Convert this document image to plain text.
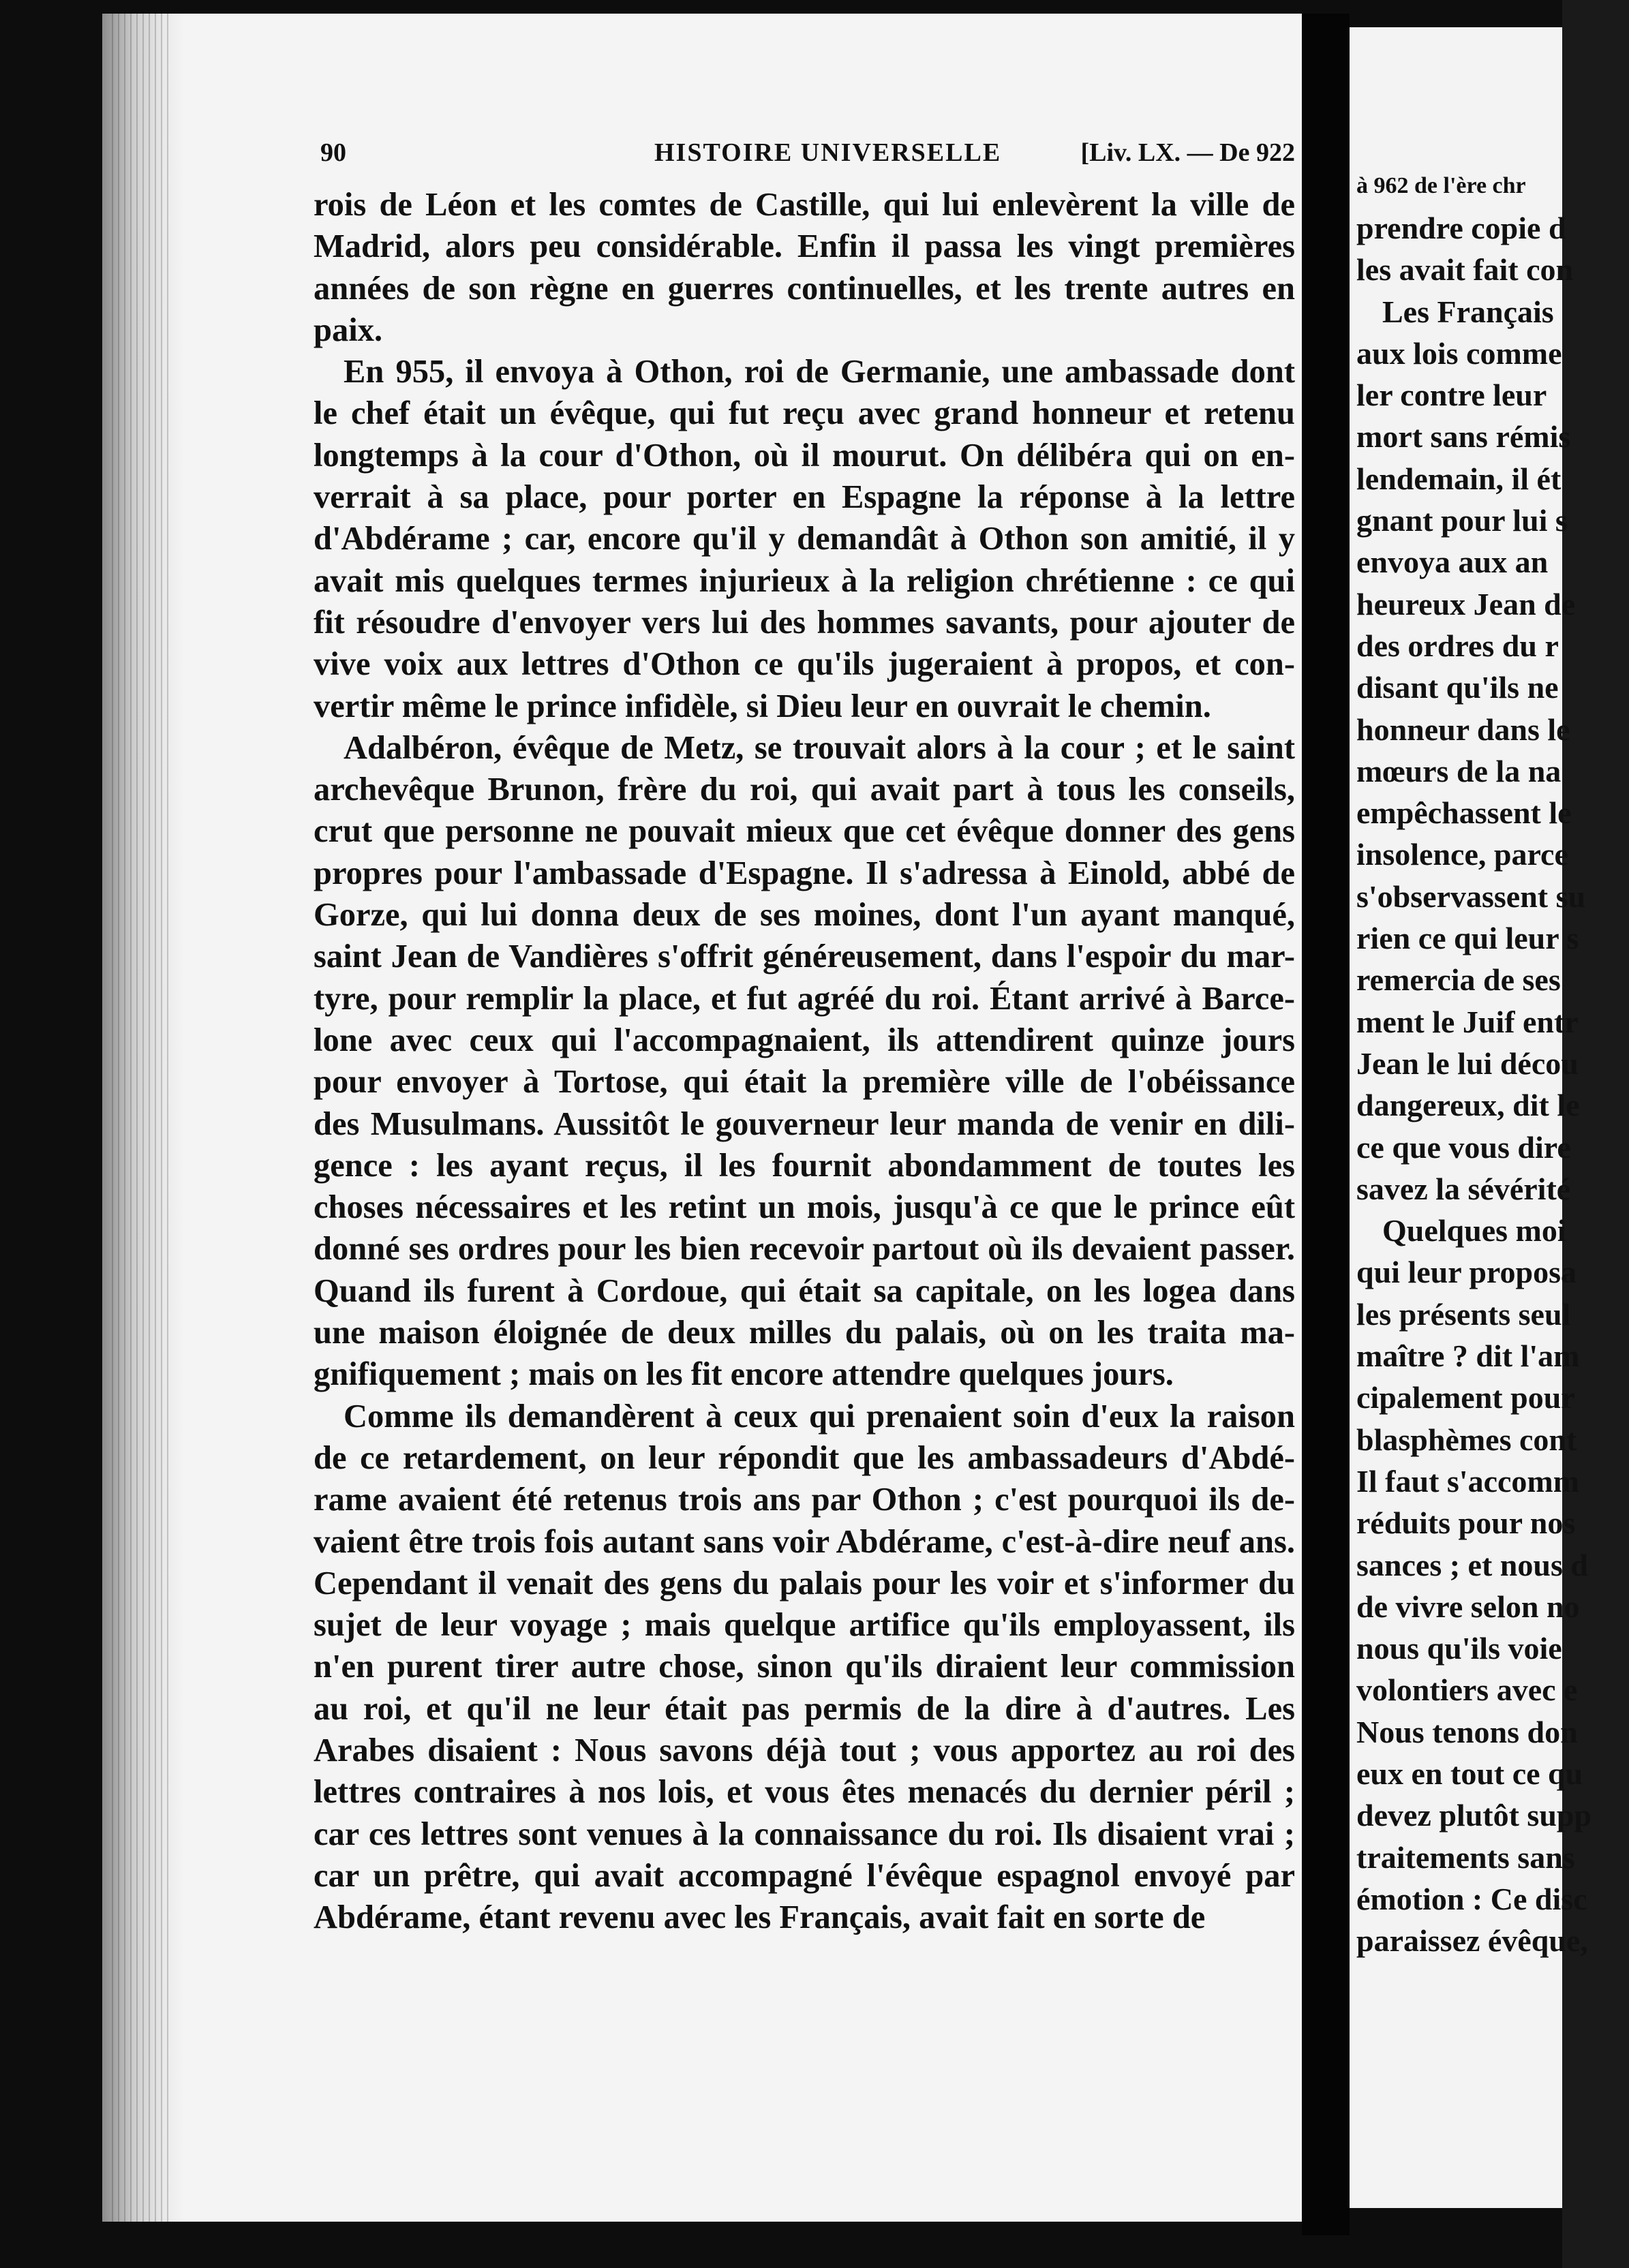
90	HISTOIRE UNIVERSELLE	[Liv. LX. — De 922
rois de Léon et les comtes de Castille, qui lui enlevèrent la ville de
Madrid, alors peu considérable. Enfin il passa les vingt premières
années de son règne en guerres continuelles, et les trente autres en
paix.
En 955, il envoya à Othon, roi de Germanie, une ambassade dont
le chef était un évêque, qui fut reçu avec grand honneur et retenu
longtemps à la cour d'Othon, où il mourut. On délibéra qui on en-
verrait à sa place, pour porter en Espagne la réponse à la lettre
d'Abdérame ; car, encore qu'il y demandât à Othon son amitié, il y
avait mis quelques termes injurieux à la religion chrétienne : ce qui
fit résoudre d'envoyer vers lui des hommes savants, pour ajouter de
vive voix aux lettres d'Othon ce qu'ils jugeraient à propos, et con-
vertir même le prince infidèle, si Dieu leur en ouvrait le chemin.
Adalbéron, évêque de Metz, se trouvait alors à la cour ; et le saint
archevêque Brunon, frère du roi, qui avait part à tous les conseils,
crut que personne ne pouvait mieux que cet évêque donner des gens
propres pour l'ambassade d'Espagne. Il s'adressa à Einold, abbé de
Gorze, qui lui donna deux de ses moines, dont l'un ayant manqué,
saint Jean de Vandières s'offrit généreusement, dans l'espoir du mar-
tyre, pour remplir la place, et fut agréé du roi. Étant arrivé à Barce-
lone avec ceux qui l'accompagnaient, ils attendirent quinze jours
pour envoyer à Tortose, qui était la première ville de l'obéissance
des Musulmans. Aussitôt le gouverneur leur manda de venir en dili-
gence : les ayant reçus, il les fournit abondamment de toutes les
choses nécessaires et les retint un mois, jusqu'à ce que le prince eût
donné ses ordres pour les bien recevoir partout où ils devaient passer.
Quand ils furent à Cordoue, qui était sa capitale, on les logea dans
une maison éloignée de deux milles du palais, où on les traita ma-
gnifiquement ; mais on les fit encore attendre quelques jours.
Comme ils demandèrent à ceux qui prenaient soin d'eux la raison
de ce retardement, on leur répondit que les ambassadeurs d'Abdé-
rame avaient été retenus trois ans par Othon ; c'est pourquoi ils de-
vaient être trois fois autant sans voir Abdérame, c'est-à-dire neuf ans.
Cependant il venait des gens du palais pour les voir et s'informer du
sujet de leur voyage ; mais quelque artifice qu'ils employassent, ils
n'en purent tirer autre chose, sinon qu'ils diraient leur commission
au roi, et qu'il ne leur était pas permis de la dire à d'autres. Les
Arabes disaient : Nous savons déjà tout ; vous apportez au roi des
lettres contraires à nos lois, et vous êtes menacés du dernier péril ;
car ces lettres sont venues à la connaissance du roi. Ils disaient vrai ;
car un prêtre, qui avait accompagné l'évêque espagnol envoyé par
Abdérame, étant revenu avec les Français, avait fait en sorte de
à 962 de l'ère chr
prendre copie d
les avait fait con
Les Français
aux lois comme
ler contre leur
mort sans rémis
lendemain, il ét
gnant pour lui s
envoya aux an
heureux Jean de
des ordres du r
disant qu'ils ne
honneur dans le
mœurs de la na
empêchassent le
insolence, parce
s'observassent su
rien ce qui leur s
remercia de ses
ment le Juif entr
Jean le lui décou
dangereux, dit le
ce que vous dire
savez la sévérité
Quelques moi
qui leur proposa
les présents seul
maître ? dit l'am
cipalement pour
blasphèmes cont
Il faut s'accomm
réduits pour nos
sances ; et nous d
de vivre selon no
nous qu'ils voie
volontiers avec e
Nous tenons don
eux en tout ce qu
devez plutôt supp
traitements sans
émotion : Ce disc
paraissez évêque,
